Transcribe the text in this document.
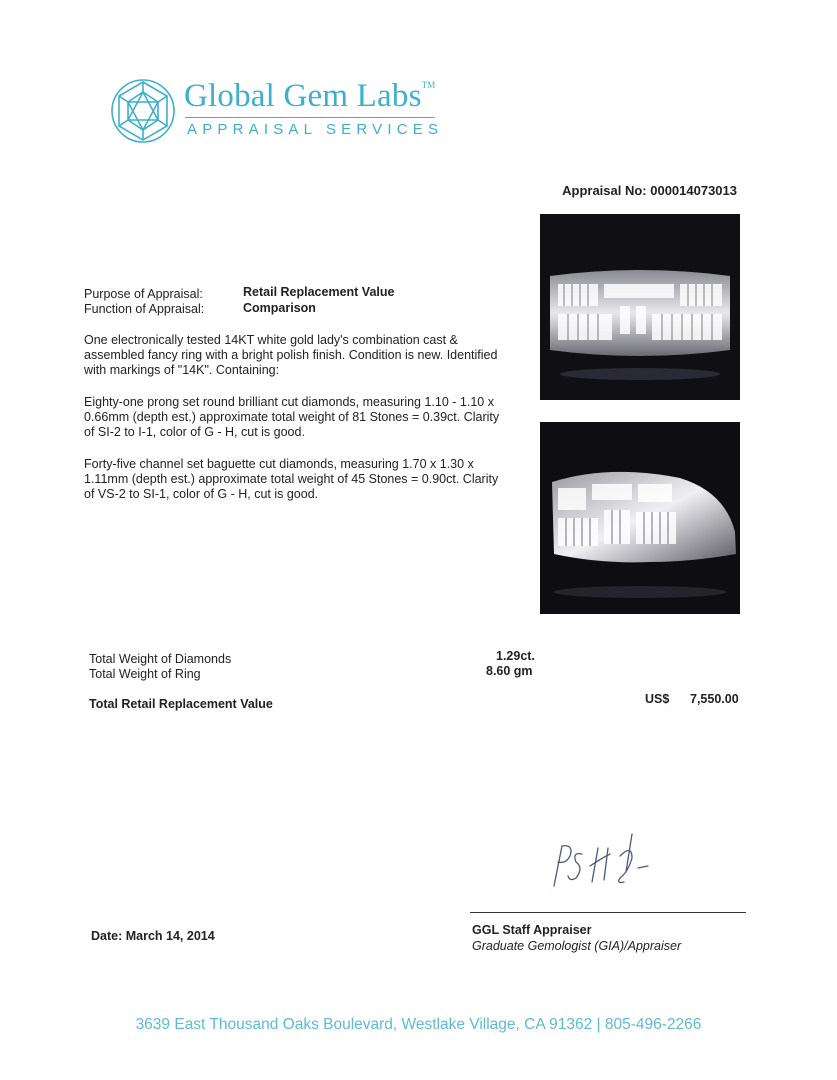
Global Gem Labs™
APPRAISAL SERVICES
Appraisal No: 000014073013
Purpose of Appraisal:	Retail Replacement Value
Function of Appraisal:	Comparison
One electronically tested 14KT white gold lady's combination cast & assembled fancy ring with a bright polish finish. Condition is new. Identified with markings of "14K". Containing:
Eighty-one prong set round brilliant cut diamonds, measuring 1.10 - 1.10 x 0.66mm (depth est.) approximate total weight of 81 Stones = 0.39ct. Clarity of SI-2 to I-1, color of G - H, cut is good.
Forty-five channel set baguette cut diamonds, measuring 1.70 x 1.30 x 1.11mm (depth est.) approximate total weight of 45 Stones = 0.90ct. Clarity of VS-2 to SI-1, color of G - H, cut is good.
Total Weight of Diamonds	1.29ct.
Total Weight of Ring	8.60 gm
Total Retail Replacement Value	US$ 7,550.00
GGL Staff Appraiser
Graduate Gemologist (GIA)/Appraiser
Date: March 14, 2014
3639 East Thousand Oaks Boulevard, Westlake Village, CA 91362 | 805-496-2266
